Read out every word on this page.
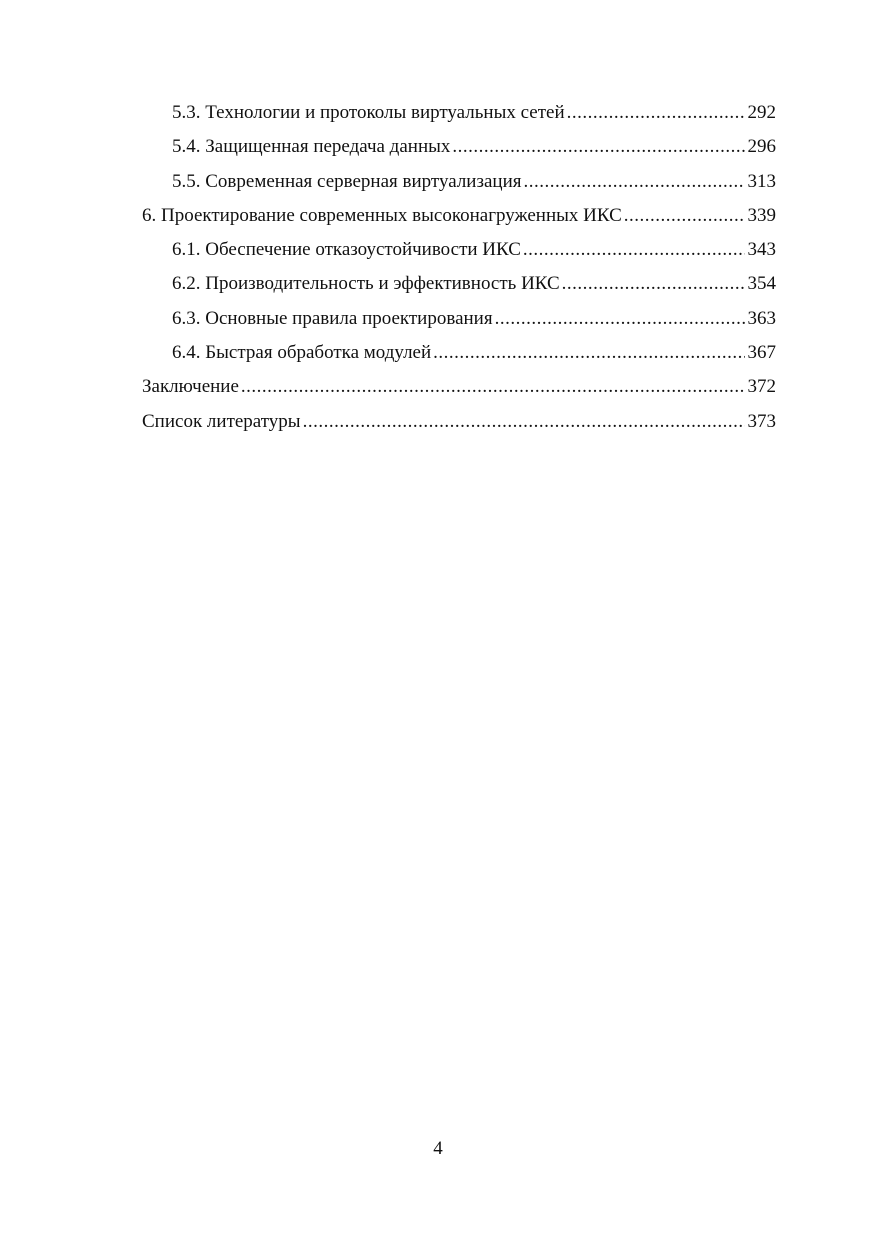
5.3. Технологии и протоколы виртуальных сетей .....	292
5.4. Защищенная передача данных .....	296
5.5. Современная серверная виртуализация .....	313
6. Проектирование современных высоконагруженных ИКС .....	339
6.1. Обеспечение отказоустойчивости ИКС .....	343
6.2. Производительность и эффективность ИКС .....	354
6.3. Основные правила проектирования .....	363
6.4. Быстрая обработка модулей .....	367
Заключение .....	372
Список литературы .....	373
4
